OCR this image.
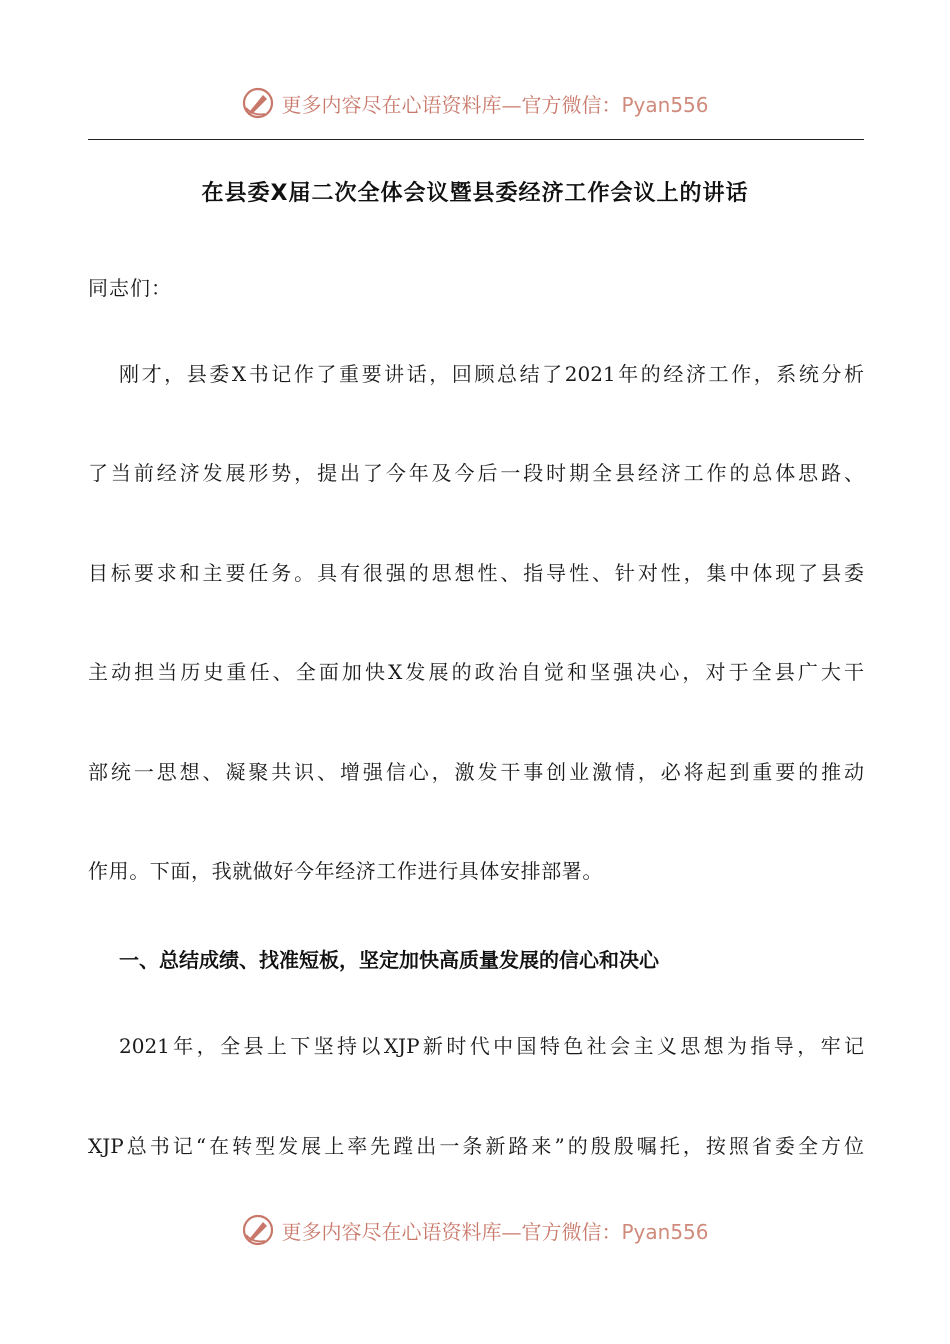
更多内容尽在心语资料库—官方微信：Pyan556
在县委X届二次全体会议暨县委经济工作会议上的讲话
同志们：
刚才，县委X书记作了重要讲话，回顾总结了2021年的经济工作，系统分析
了当前经济发展形势，提出了今年及今后一段时期全县经济工作的总体思路、
目标要求和主要任务。具有很强的思想性、指导性、针对性，集中体现了县委
主动担当历史重任、全面加快X发展的政治自觉和坚强决心，对于全县广大干
部统一思想、凝聚共识、增强信心，激发干事创业激情，必将起到重要的推动
作用。下面，我就做好今年经济工作进行具体安排部署。
一、总结成绩、找准短板，坚定加快高质量发展的信心和决心
2021年，全县上下坚持以XJP新时代中国特色社会主义思想为指导，牢记
XJP总书记“在转型发展上率先蹚出一条新路来”的殷殷嘱托，按照省委全方位
更多内容尽在心语资料库—官方微信：Pyan556
